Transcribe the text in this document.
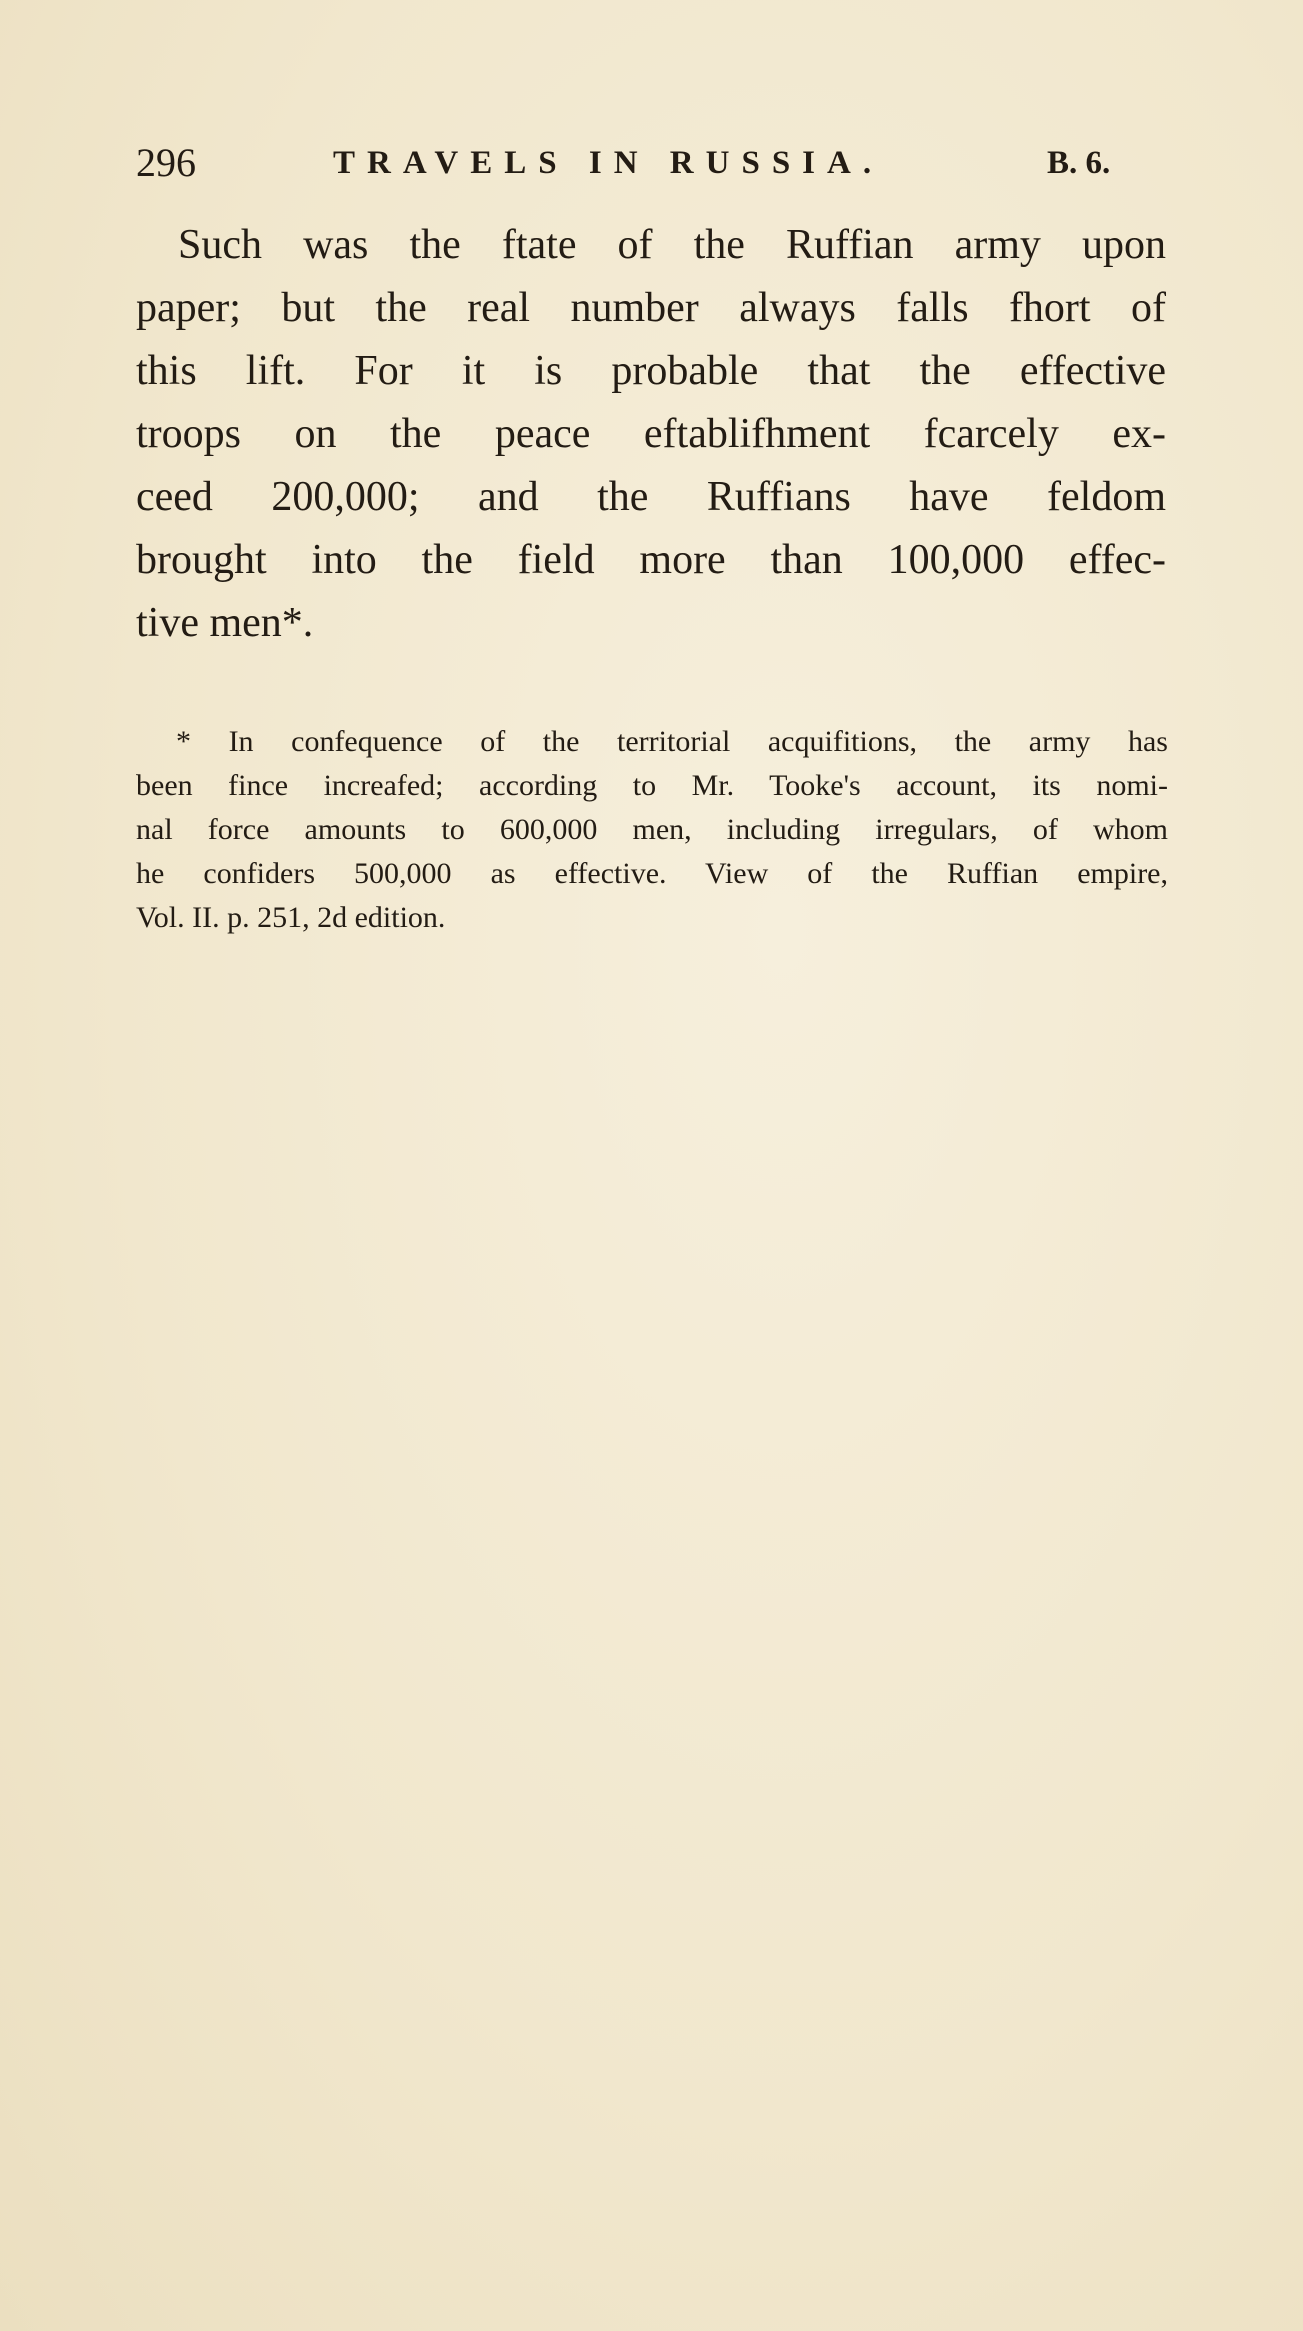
296	TRAVELS IN RUSSIA.	B. 6.
Such was the ftate of the Ruffian army upon
paper; but the real number always falls fhort of
this lift. For it is probable that the effective
troops on the peace eftablifhment fcarcely ex-
ceed 200,000; and the Ruffians have feldom
brought into the field more than 100,000 effec-
tive men*.
* In confequence of the territorial acquifitions, the army has
been fince increafed; according to Mr. Tooke's account, its nomi-
nal force amounts to 600,000 men, including irregulars, of whom
he confiders 500,000 as effective. View of the Ruffian empire,
Vol. II. p. 251, 2d edition.
